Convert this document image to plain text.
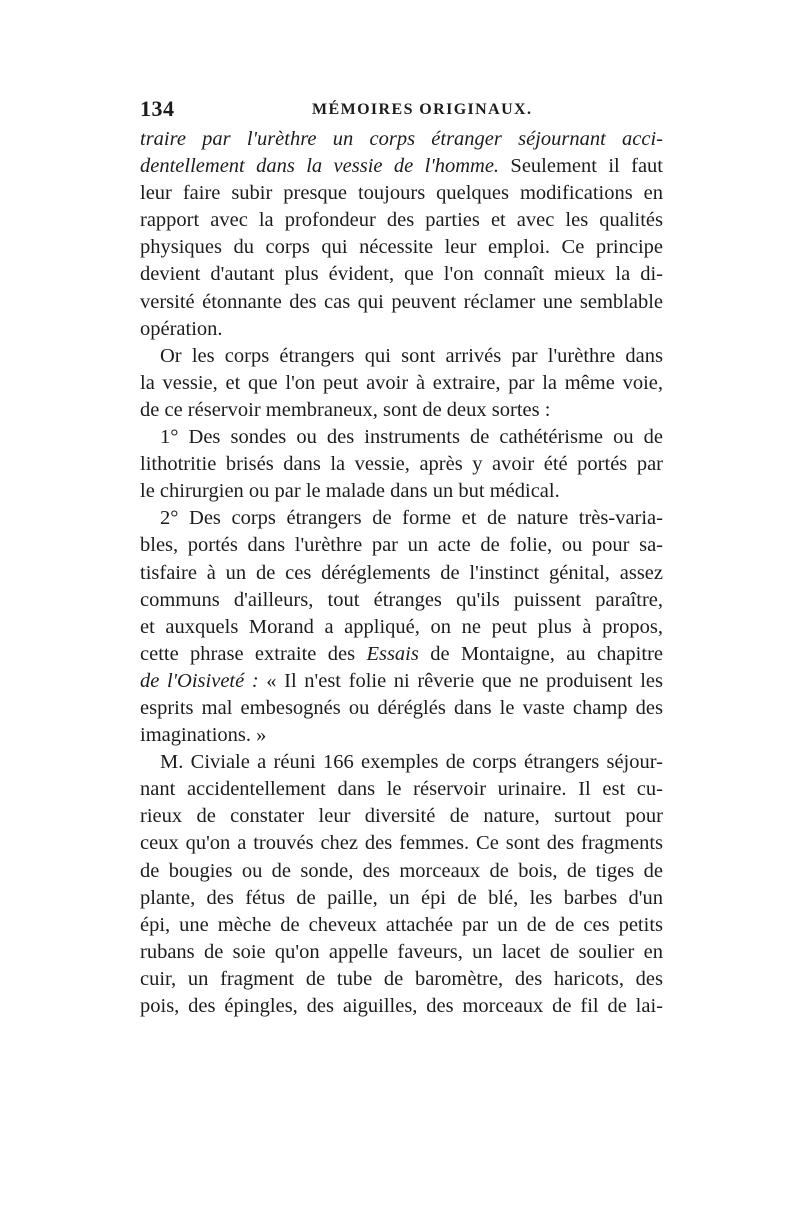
134	MÉMOIRES ORIGINAUX.
traire par l'urèthre un corps étranger séjournant acci-
dentellement dans la vessie de l'homme. Seulement il faut
leur faire subir presque toujours quelques modifications en
rapport avec la profondeur des parties et avec les qualités
physiques du corps qui nécessite leur emploi. Ce principe
devient d'autant plus évident, que l'on connaît mieux la di-
versité étonnante des cas qui peuvent réclamer une semblable
opération.
Or les corps étrangers qui sont arrivés par l'urèthre dans
la vessie, et que l'on peut avoir à extraire, par la même voie,
de ce réservoir membraneux, sont de deux sortes :
1° Des sondes ou des instruments de cathétérisme ou de
lithotritie brisés dans la vessie, après y avoir été portés par
le chirurgien ou par le malade dans un but médical.
2° Des corps étrangers de forme et de nature très-varia-
bles, portés dans l'urèthre par un acte de folie, ou pour sa-
tisfaire à un de ces déréglements de l'instinct génital, assez
communs d'ailleurs, tout étranges qu'ils puissent paraître,
et auxquels Morand a appliqué, on ne peut plus à propos,
cette phrase extraite des Essais de Montaigne, au chapitre
de l'Oisiveté : « Il n'est folie ni rêverie que ne produisent les
esprits mal embesognés ou déréglés dans le vaste champ des
imaginations. »
M. Civiale a réuni 166 exemples de corps étrangers séjour-
nant accidentellement dans le réservoir urinaire. Il est cu-
rieux de constater leur diversité de nature, surtout pour
ceux qu'on a trouvés chez des femmes. Ce sont des fragments
de bougies ou de sonde, des morceaux de bois, de tiges de
plante, des fétus de paille, un épi de blé, les barbes d'un
épi, une mèche de cheveux attachée par un de de ces petits
rubans de soie qu'on appelle faveurs, un lacet de soulier en
cuir, un fragment de tube de baromètre, des haricots, des
pois, des épingles, des aiguilles, des morceaux de fil de lai-
